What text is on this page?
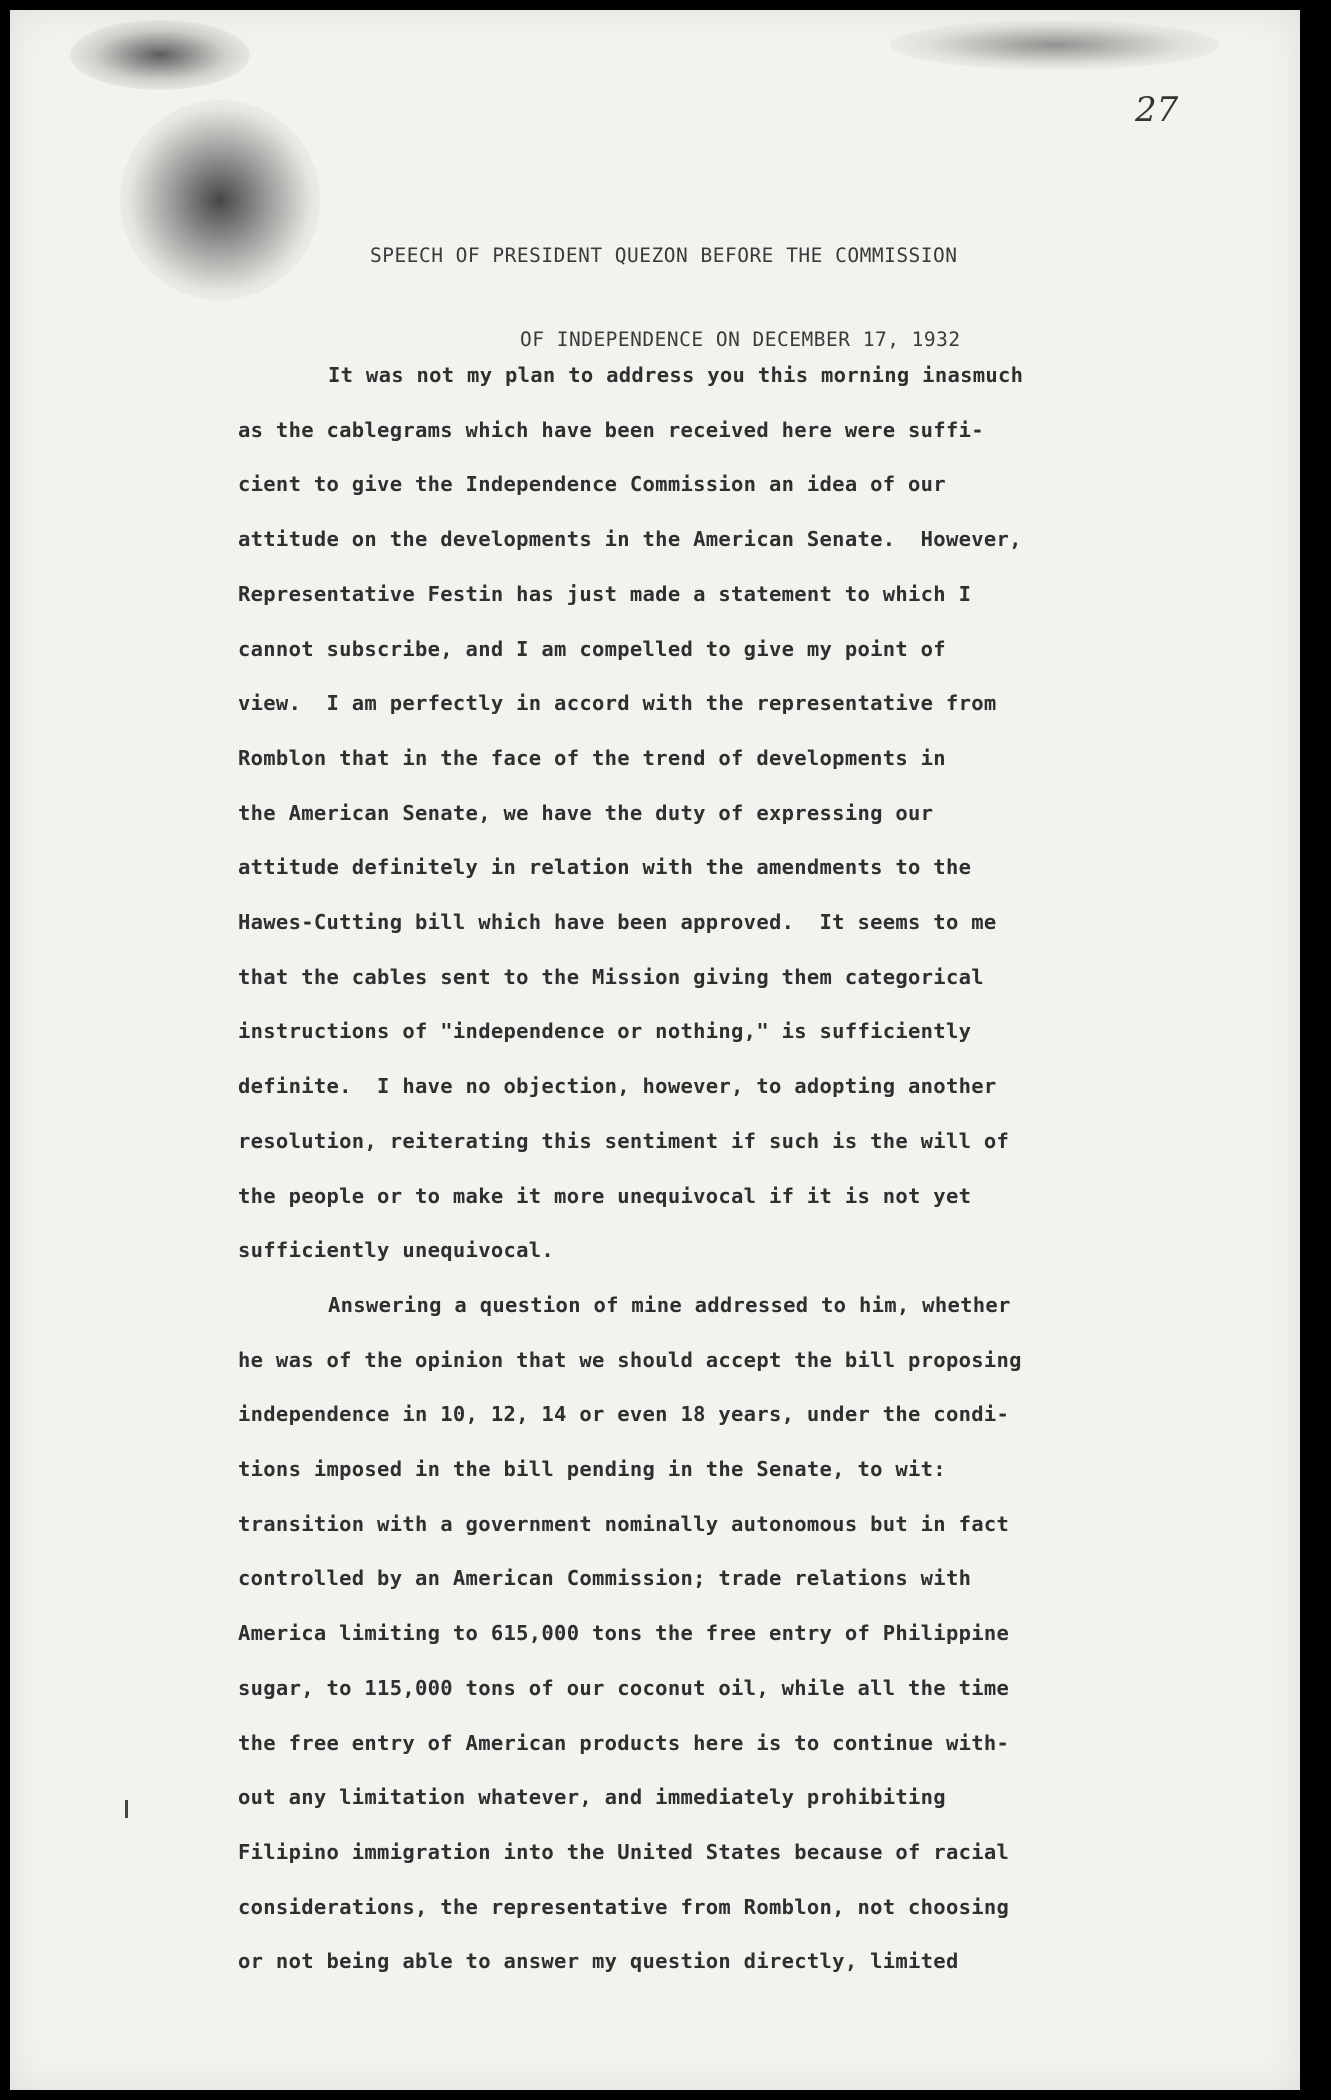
27

SPEECH OF PRESIDENT QUEZON BEFORE THE COMMISSION

OF INDEPENDENCE ON DECEMBER 17, 1932

It was not my plan to address you this morning inasmuch
as the cablegrams which have been received here were suffi-
cient to give the Independence Commission an idea of our
attitude on the developments in the American Senate.  However,
Representative Festin has just made a statement to which I
cannot subscribe, and I am compelled to give my point of
view.  I am perfectly in accord with the representative from
Romblon that in the face of the trend of developments in
the American Senate, we have the duty of expressing our
attitude definitely in relation with the amendments to the
Hawes-Cutting bill which have been approved.  It seems to me
that the cables sent to the Mission giving them categorical
instructions of "independence or nothing," is sufficiently
definite.  I have no objection, however, to adopting another
resolution, reiterating this sentiment if such is the will of
the people or to make it more unequivocal if it is not yet
sufficiently unequivocal.

Answering a question of mine addressed to him, whether
he was of the opinion that we should accept the bill proposing
independence in 10, 12, 14 or even 18 years, under the condi-
tions imposed in the bill pending in the Senate, to wit:
transition with a government nominally autonomous but in fact
controlled by an American Commission; trade relations with
America limiting to 615,000 tons the free entry of Philippine
sugar, to 115,000 tons of our coconut oil, while all the time
the free entry of American products here is to continue with-
out any limitation whatever, and immediately prohibiting
Filipino immigration into the United States because of racial
considerations, the representative from Romblon, not choosing
or not being able to answer my question directly, limited
